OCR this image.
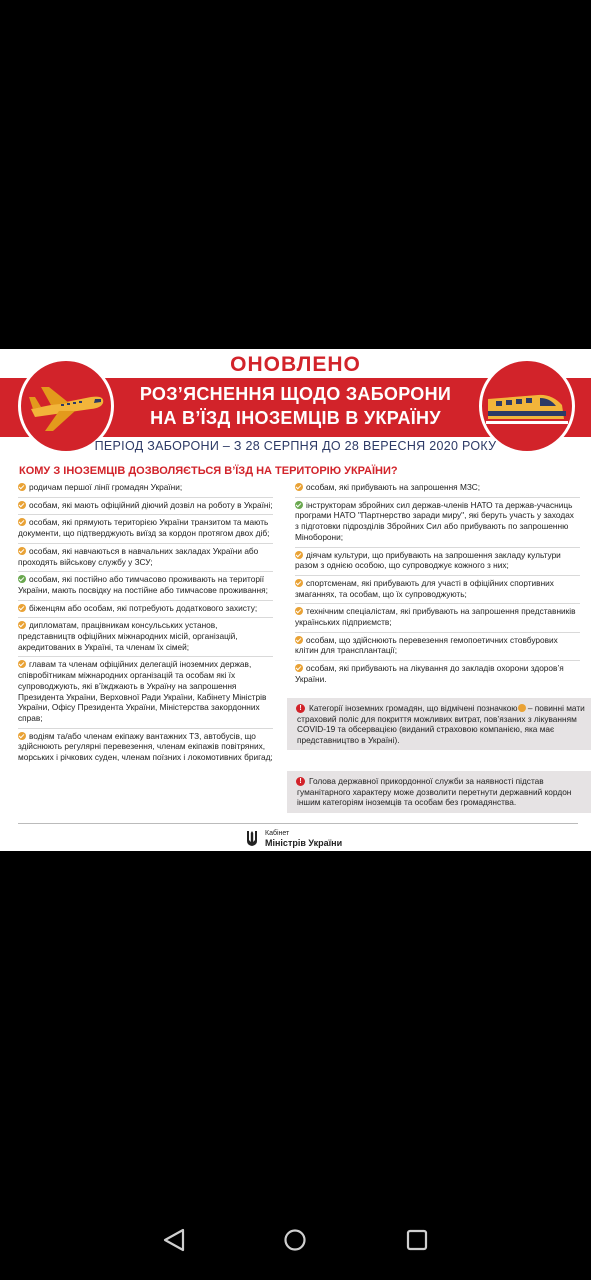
ОНОВЛЕНО
РОЗ’ЯСНЕННЯ ЩОДО ЗАБОРОНИ
НА В’ЇЗД ІНОЗЕМЦІВ В УКРАЇНУ
ПЕРІОД ЗАБОРОНИ – З 28 СЕРПНЯ ДО 28 ВЕРЕСНЯ 2020 РОКУ
КОМУ З ІНОЗЕМЦІВ ДОЗВОЛЯЄТЬСЯ В’ЇЗД НА ТЕРИТОРІЮ УКРАЇНИ?
родичам першої лінії громадян України;
особам, які мають офіційний діючий дозвіл на роботу в Україні;
особам, які прямують територією України транзитом та мають документи, що підтверджують виїзд за кордон протягом двох діб;
особам, які навчаються в навчальних закладах України або проходять військову службу у ЗСУ;
особам, які постійно або тимчасово проживають на території України, мають посвідку на постійне або тимчасове проживання;
біженцям або особам, які потребують додаткового захисту;
дипломатам, працівникам консульських установ, представництв офіційних міжнародних місій, організацій, акредитованих в Україні, та членам їх сімей;
главам та членам офіційних делегацій іноземних держав, співробітникам міжнародних організацій та особам які їх супроводжують, які в’їжджають в Україну на запрошення Президента України, Верховної Ради України, Кабінету Міністрів України, Офісу Президента України, Міністерства закордонних справ;
водіям та/або членам екіпажу вантажних ТЗ, автобусів, що здійснюють регулярні перевезення, членам екіпажів повітряних, морських і річкових суден, членам поїзних і локомотивних бригад;
особам, які прибувають на запрошення МЗС;
інструкторам збройних сил держав-членів НАТО та держав-учасниць програми НАТО "Партнерство заради миру", які беруть участь у заходах з підготовки підрозділів Збройних Сил або прибувають по запрошенню Міноборони;
діячам культури, що прибувають на запрошення закладу культури разом з однією особою, що супроводжує кожного з них;
спортсменам, які прибувають для участі в офіційних спортивних змаганнях, та особам, що їх супроводжують;
технічним спеціалістам, які прибувають на запрошення представників українських підприємств;
особам, що здійснюють перевезення гемопоетичних стовбурових клітин для трансплантації;
особам, які прибувають на лікування до закладів охорони здоров’я України.
! Категорії іноземних громадян, що відмічені позначкою – повинні мати страховий поліс для покриття можливих витрат, пов’язаних з лікуванням COVID-19 та обсервацією (виданий страховою компанією, яка має представництво в Україні).
! Голова державної прикордонної служби за наявності підстав гуманітарного характеру може дозволити перетнути державний кордон іншим категоріям іноземців та особам без громадянства.
Кабінет
Міністрів України
